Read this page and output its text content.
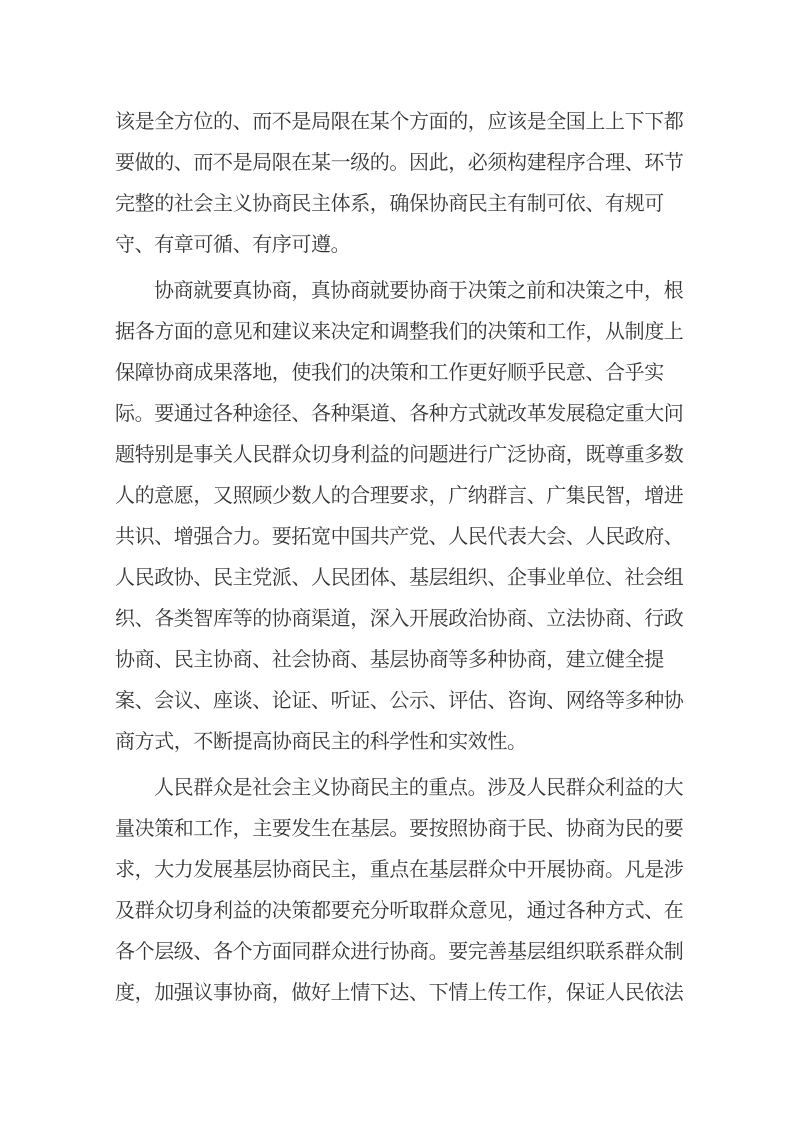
该是全方位的、而不是局限在某个方面的，应该是全国上上下下都
要做的、而不是局限在某一级的。因此，必须构建程序合理、环节
完整的社会主义协商民主体系，确保协商民主有制可依、有规可
守、有章可循、有序可遵。

协商就要真协商，真协商就要协商于决策之前和决策之中，根
据各方面的意见和建议来决定和调整我们的决策和工作，从制度上
保障协商成果落地，使我们的决策和工作更好顺乎民意、合乎实
际。要通过各种途径、各种渠道、各种方式就改革发展稳定重大问
题特别是事关人民群众切身利益的问题进行广泛协商，既尊重多数
人的意愿，又照顾少数人的合理要求，广纳群言、广集民智，增进
共识、增强合力。要拓宽中国共产党、人民代表大会、人民政府、
人民政协、民主党派、人民团体、基层组织、企事业单位、社会组
织、各类智库等的协商渠道，深入开展政治协商、立法协商、行政
协商、民主协商、社会协商、基层协商等多种协商，建立健全提
案、会议、座谈、论证、听证、公示、评估、咨询、网络等多种协
商方式，不断提高协商民主的科学性和实效性。

人民群众是社会主义协商民主的重点。涉及人民群众利益的大
量决策和工作，主要发生在基层。要按照协商于民、协商为民的要
求，大力发展基层协商民主，重点在基层群众中开展协商。凡是涉
及群众切身利益的决策都要充分听取群众意见，通过各种方式、在
各个层级、各个方面同群众进行协商。要完善基层组织联系群众制
度，加强议事协商，做好上情下达、下情上传工作，保证人民依法
